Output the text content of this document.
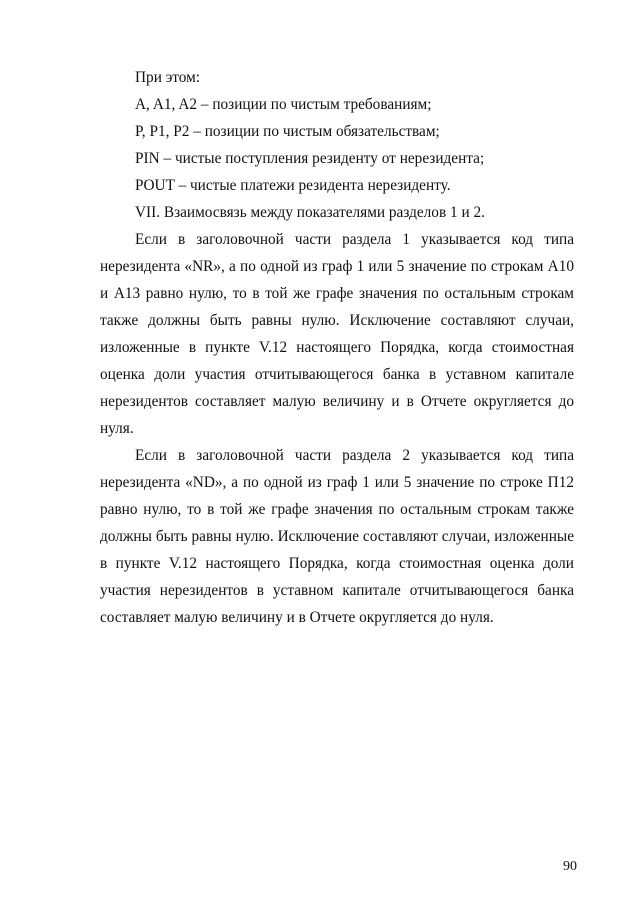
При этом:
A, A1, A2 – позиции по чистым требованиям;
P, P1, P2 – позиции по чистым обязательствам;
PIN – чистые поступления резиденту от нерезидента;
POUT – чистые платежи резидента нерезиденту.
VII. Взаимосвязь между показателями разделов 1 и 2.

Если в заголовочной части раздела 1 указывается код типа нерезидента «NR», а по одной из граф 1 или 5 значение по строкам A10 и A13 равно нулю, то в той же графе значения по остальным строкам также должны быть равны нулю. Исключение составляют случаи, изложенные в пункте V.12 настоящего Порядка, когда стоимостная оценка доли участия отчитывающегося банка в уставном капитале нерезидентов составляет малую величину и в Отчете округляется до нуля.

Если в заголовочной части раздела 2 указывается код типа нерезидента «ND», а по одной из граф 1 или 5 значение по строке П12 равно нулю, то в той же графе значения по остальным строкам также должны быть равны нулю. Исключение составляют случаи, изложенные в пункте V.12 настоящего Порядка, когда стоимостная оценка доли участия нерезидентов в уставном капитале отчитывающегося банка составляет малую величину и в Отчете округляется до нуля.

90
